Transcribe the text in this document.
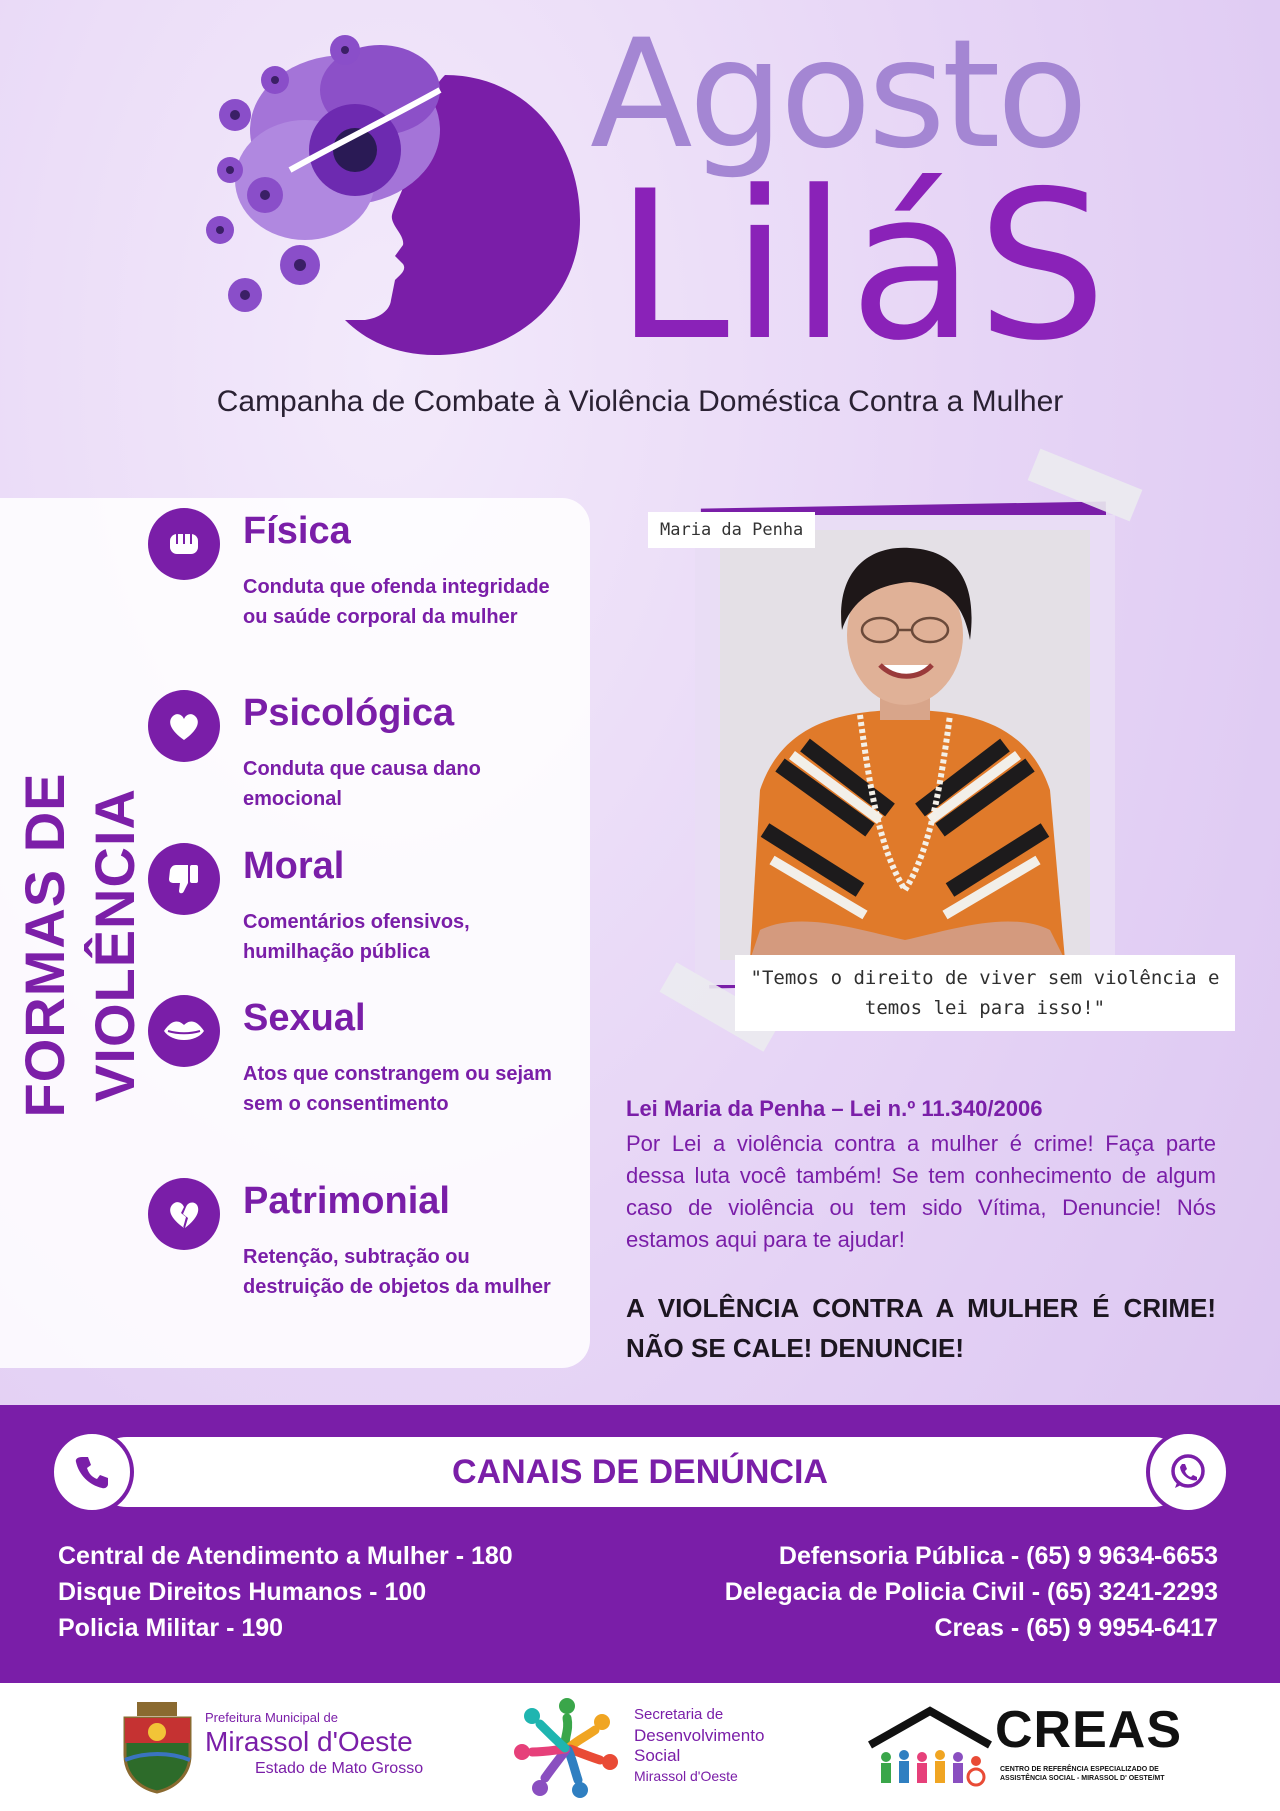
Agosto
LiláS
Campanha de Combate à Violência Doméstica Contra a Mulher
FORMAS DE VIOLÊNCIA
Física
Conduta que ofenda integridade ou saúde corporal da mulher
Psicológica
Conduta que causa dano emocional
Moral
Comentários ofensivos, humilhação pública
Sexual
Atos que constrangem ou sejam sem o consentimento
Patrimonial
Retenção, subtração ou destruição de objetos da mulher
Maria da Penha
"Temos o direito de viver sem violência e temos lei para isso!"
Lei Maria da Penha – Lei n.º 11.340/2006
Por Lei a violência contra a mulher é crime! Faça parte dessa luta você também! Se tem conhecimento de algum caso de violência ou tem sido Vítima, Denuncie! Nós estamos aqui para te ajudar!
A VIOLÊNCIA CONTRA A MULHER É CRIME! NÃO SE CALE! DENUNCIE!
CANAIS DE DENÚNCIA
Central de Atendimento a Mulher - 180
Disque Direitos Humanos - 100
Policia Militar - 190
Defensoria Pública - (65) 9 9634-6653
Delegacia de Policia Civil - (65) 3241-2293
Creas - (65) 9 9954-6417
Prefeitura Municipal de
Mirassol d'Oeste
Estado de Mato Grosso
Secretaria de
Desenvolvimento
Social
Mirassol d'Oeste
CREAS
CENTRO DE REFERÊNCIA ESPECIALIZADO DE
ASSISTÊNCIA SOCIAL - MIRASSOL D' OESTE/MT
